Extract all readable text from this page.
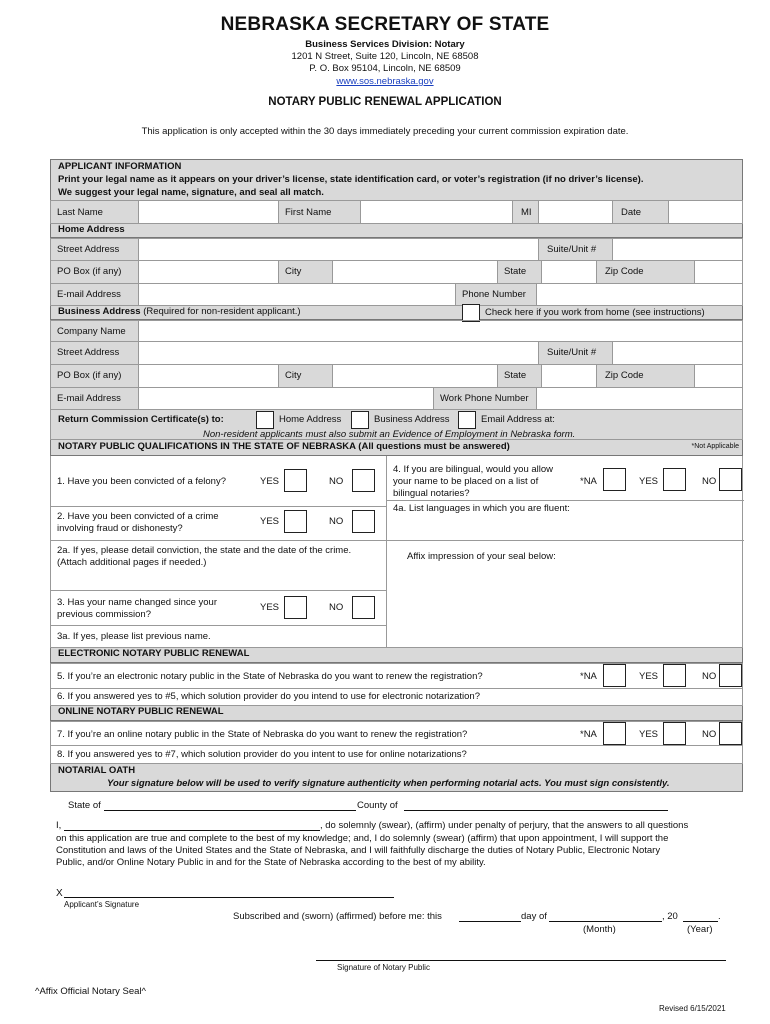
NEBRASKA SECRETARY OF STATE
Business Services Division: Notary
1201 N Street, Suite 120, Lincoln, NE 68508
P. O. Box 95104, Lincoln, NE 68509
www.sos.nebraska.gov
NOTARY PUBLIC RENEWAL APPLICATION
This application is only accepted within the 30 days immediately preceding your current commission expiration date.
APPLICANT INFORMATION
Print your legal name as it appears on your driver’s license, state identification card, or voter’s registration (if no driver’s license).
We suggest your legal name, signature, and seal all match.
Last Name	First Name	MI	Date
Home Address
Street Address	Suite/Unit #
PO Box (if any)	City	State	Zip Code
E-mail Address	Phone Number
Business Address (Required for non-resident applicant.)	Check here if you work from home (see instructions)
Company Name
Street Address	Suite/Unit #
PO Box (if any)	City	State	Zip Code
E-mail Address	Work Phone Number
Return Commission Certificate(s) to:	Home Address	Business Address	Email Address at:
Non-resident applicants must also submit an Evidence of Employment in Nebraska form.
NOTARY PUBLIC QUALIFICATIONS IN THE STATE OF NEBRASKA (All questions must be answered)	*Not Applicable
1. Have you been convicted of a felony?	YES	NO
2. Have you been convicted of a crime
involving fraud or dishonesty?
YES	NO
2a. If yes, please detail conviction, the state and the date of the crime.
(Attach additional pages if needed.)
3. Has your name changed since your
previous commission?
YES	NO
3a. If yes, please list previous name.
4. If you are bilingual, would you allow
your name to be placed on a list of
bilingual notaries?
*NA	YES	NO
4a. List languages in which you are fluent:
Affix impression of your seal below:
ELECTRONIC NOTARY PUBLIC RENEWAL
5. If you’re an electronic notary public in the State of Nebraska do you want to renew the registration?	*NA	YES	NO
6. If you answered yes to #5, which solution provider do you intend to use for electronic notarization?
ONLINE NOTARY PUBLIC RENEWAL
7. If you’re an online notary public in the State of Nebraska do you want to renew the registration?	*NA	YES	NO
8. If you answered yes to #7, which solution provider do you intent to use for online notarizations?
NOTARIAL OATH
Your signature below will be used to verify signature authenticity when performing notarial acts. You must sign consistently.
State of	County of
I,	, do solemnly (swear), (affirm) under penalty of perjury, that the answers to all questions
on this application are true and complete to the best of my knowledge; and, I do solemnly (swear) (affirm) that upon appointment, I will support the
Constitution and laws of the United States and the State of Nebraska, and I will faithfully discharge the duties of Notary Public, Electronic Notary
Public, and/or Online Notary Public in and for the State of Nebraska according to the best of my ability.
X
Applicant’s Signature
Subscribed and (sworn) (affirmed) before me: this	day of	, 20	.
(Month)	(Year)
Signature of Notary Public
^Affix Official Notary Seal^
Revised 6/15/2021
